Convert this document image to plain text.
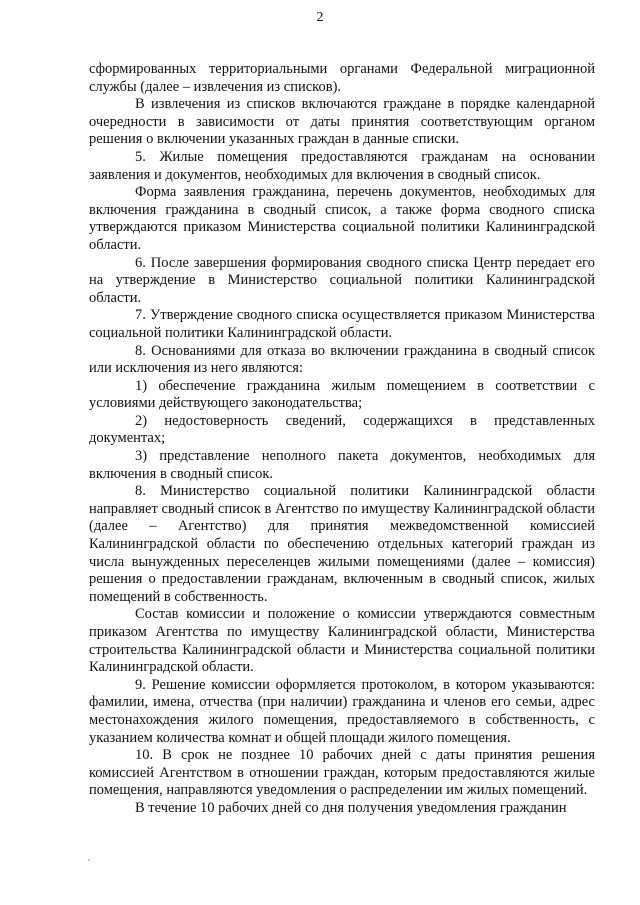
2

сформированных территориальными органами Федеральной миграционной службы (далее – извлечения из списков).

В извлечения из списков включаются граждане в порядке календарной очередности в зависимости от даты принятия соответствующим органом решения о включении указанных граждан в данные списки.

5. Жилые помещения предоставляются гражданам на основании заявления и документов, необходимых для включения в сводный список.

Форма заявления гражданина, перечень документов, необходимых для включения гражданина в сводный список, а также форма сводного списка утверждаются приказом Министерства социальной политики Калининградской области.

6. После завершения формирования сводного списка Центр передает его на утверждение в Министерство социальной политики Калининградской области.

7. Утверждение сводного списка осуществляется приказом Министерства социальной политики Калининградской области.

8. Основаниями для отказа во включении гражданина в сводный список или исключения из него являются:

1) обеспечение гражданина жилым помещением в соответствии с условиями действующего законодательства;

2) недостоверность сведений, содержащихся в представленных документах;

3) представление неполного пакета документов, необходимых для включения в сводный список.

8. Министерство социальной политики Калининградской области направляет сводный список в Агентство по имуществу Калининградской области (далее – Агентство) для принятия межведомственной комиссией Калининградской области по обеспечению отдельных категорий граждан из числа вынужденных переселенцев жилыми помещениями (далее – комиссия) решения о предоставлении гражданам, включенным в сводный список, жилых помещений в собственность.

Состав комиссии и положение о комиссии утверждаются совместным приказом Агентства по имуществу Калининградской области, Министерства строительства Калининградской области и Министерства социальной политики Калининградской области.

9. Решение комиссии оформляется протоколом, в котором указываются: фамилии, имена, отчества (при наличии) гражданина и членов его семьи, адрес местонахождения жилого помещения, предоставляемого в собственность, с указанием количества комнат и общей площади жилого помещения.

10. В срок не позднее 10 рабочих дней с даты принятия решения комиссией Агентством в отношении граждан, которым предоставляются жилые помещения, направляются уведомления о распределении им жилых помещений.

В течение 10 рабочих дней со дня получения уведомления гражданин

`
